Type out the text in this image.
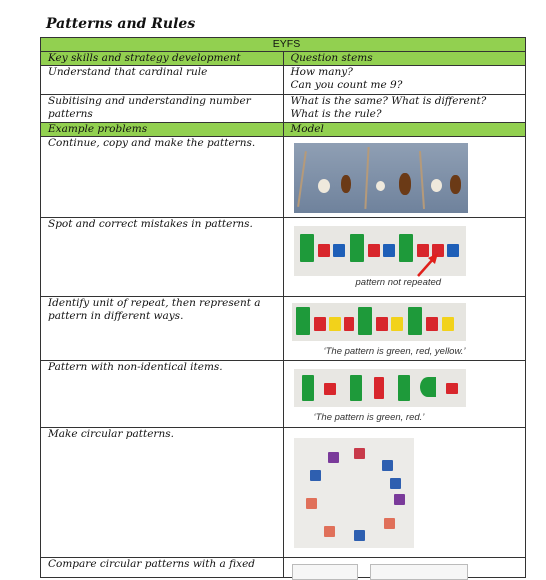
Patterns and Rules
EYFS	
Key skills and strategy development	Question stems
Understand that cardinal rule	How many?
Can you count me 9?

Subitising and understanding number patterns	What is the same? What is different?
What is the rule?

Example problems	Model
Continue, copy and make the patterns.	

Spot and correct mistakes in patterns.	pattern not repeated

Identify unit of repeat, then represent a pattern in different ways.	‘The pattern is green, red, yellow.’

Pattern with non-identical items.	‘The pattern is green, red.’

Make circular patterns.	

Compare circular patterns with a fixed	
